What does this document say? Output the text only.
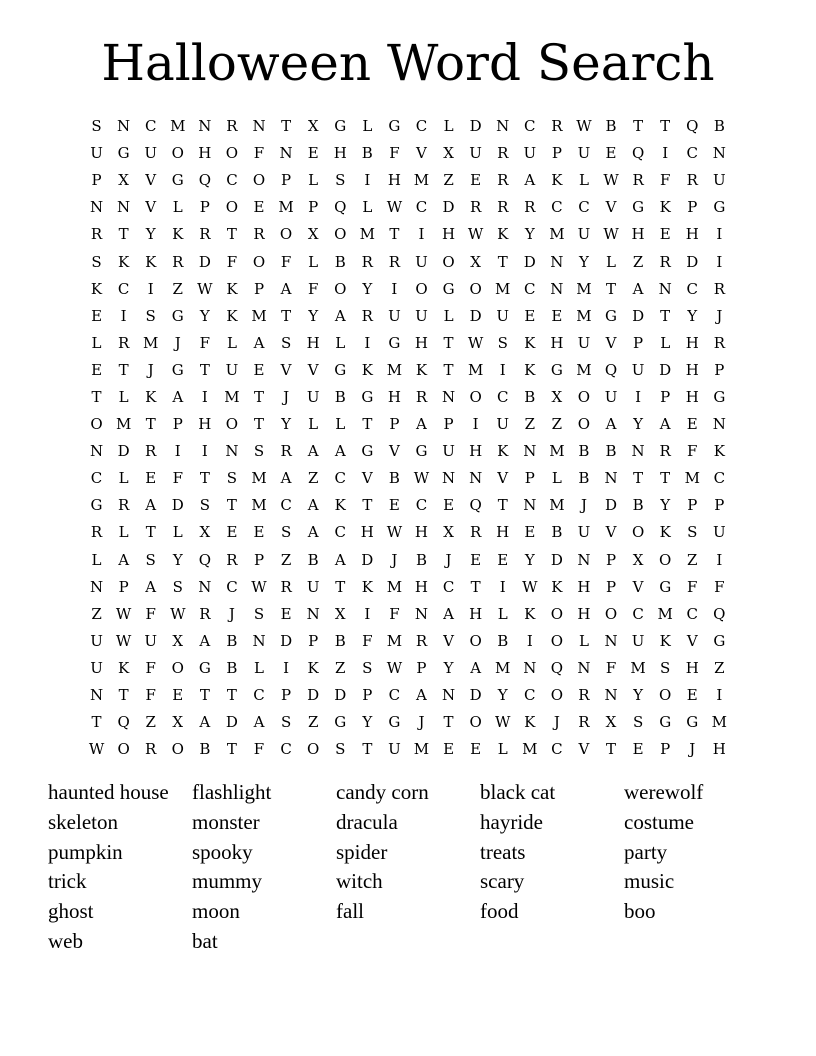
Halloween Word Search
S	N C M N R N	T	X	G	L	G	C	L	D N C	R W B	T	T	Q	B
U G U O H O	F	N	E	H	B	F	V	X	U	R	U	P	U	E	Q	I	C N
P	X	V	G Q	C	O	P	L	S	I	H M Z	E	R	A	K	L W R	F	R	U
N N	V	L	P	O	E M P	Q	L W C	D	R	R	R	C	C	V	G	K	P	G
R	T	Y	K	R	T	R	O	X	O M T	I	H W K	Y M U W H	E	H	I
S	K	K	R	D	F	O	F	L	B	R	R	U O	X	T	D N	Y	L	Z	R	D	I
K	C	I	Z W K	P	A	F	O	Y	I	O G O M C N M T	A	N C	R
E	I	S	G	Y	K M T	Y	A	R	U U	L	D U	E	E M G	D	T	Y	J
L	R M	J	F	L	A	S	H	L	I	G H	T W S	K H U	V	P	L	H R
E	T	J	G	T	U	E	V	V	G	K M K	T M	I	K	G M Q U D H	P
T	L	K	A	I	M T	J	U	B	G H R N O	C	B	X	O U	I	P	H G
O M T	P	H O	T	Y	L	L	T	P	A	P	I	U	Z	Z	O	A	Y	A	E	N
N D	R	I	I	N	S	R	A	A	G	V	G U H K N M B	B	N R	F	K
C	L	E	F	T	S M A	Z	C	V	B W N N	V	P	L	B	N	T	T M C
G	R	A	D	S	T M C	A	K	T	E	C	E	Q	T	N M	J	D	B	Y	P	P
R	L	T	L	X	E	E	S	A	C H W H	X	R H	E	B	U	V	O	K	S	U
L	A	S	Y	Q	R	P	Z	B	A	D	J	B	J	E	E	Y	D N	P	X	O	Z	I
N	P	A	S	N C W R	U	T	K M H C	T	I	W K H	P	V	G	F	F
Z W F W R	J	S	E	N	X	I	F	N	A	H	L	K	O H O	C M C	Q
U W U	X	A	B	N D	P	B	F M R	V	O	B	I	O	L	N U	K	V	G
U	K	F	O G	B	L	I	K	Z	S W P	Y	A M N Q N	F M S	H	Z
N	T	F	E	T	T	C	P	D	D	P	C	A	N D	Y	C	O	R N	Y	O	E	I
T	Q	Z	X	A	D	A	S	Z	G	Y	G	J	T	O W K	J	R	X	S	G	G M
W O	R	O	B	T	F	C	O	S	T	U M E	E	L M C	V	T	E	P	J	H
haunted house	flashlight	candy corn	black cat	werewolf
skeleton	monster	dracula	hayride	costume
pumpkin	spooky	spider	treats	party
trick	mummy	witch	scary	music
ghost	moon	fall	food	boo
web	bat
